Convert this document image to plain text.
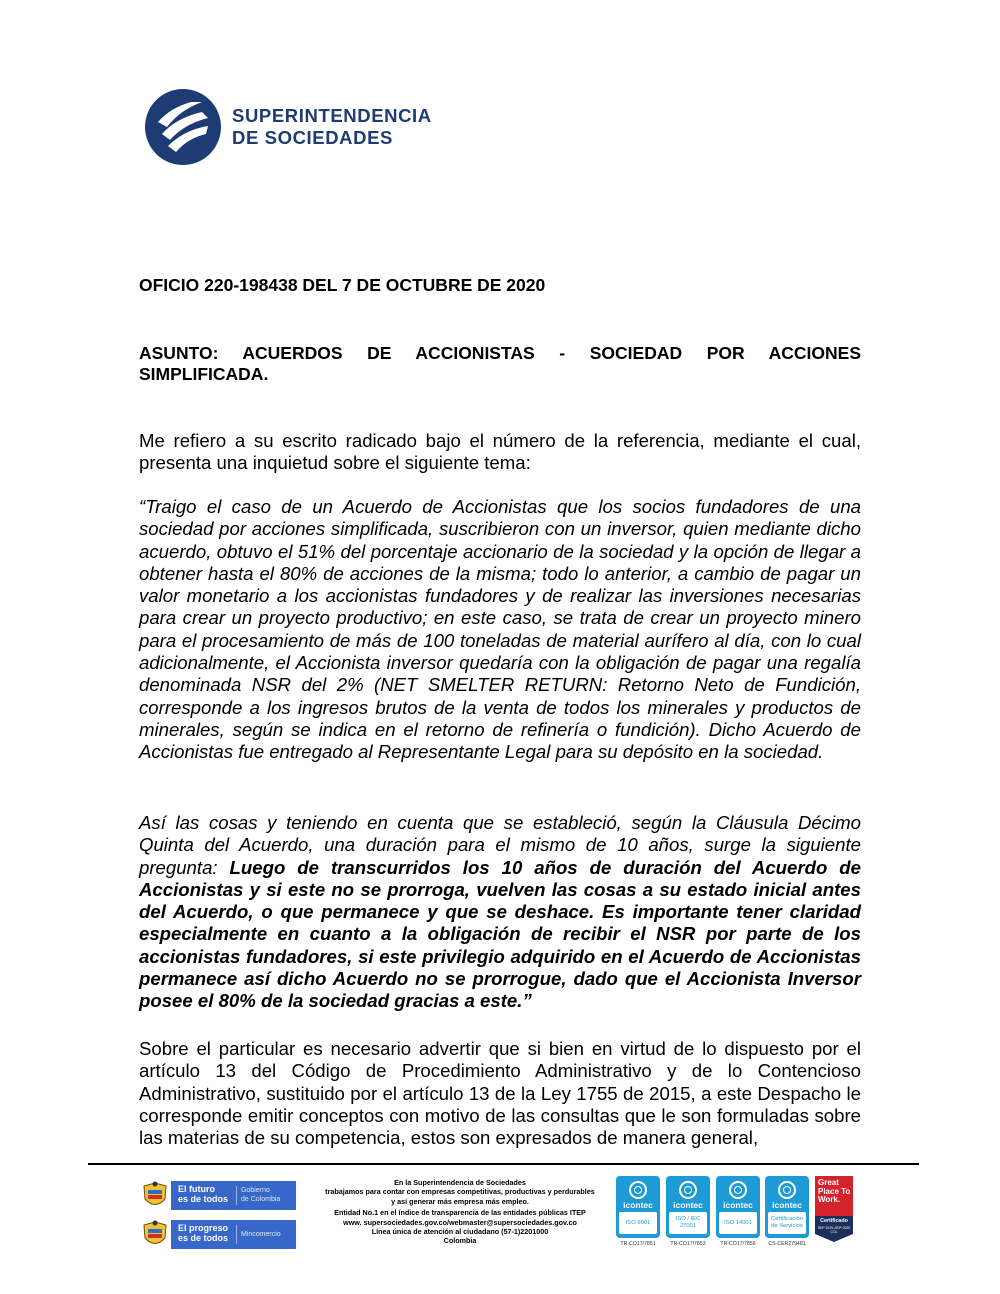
SUPERINTENDENCIA
DE SOCIEDADES
OFICIO 220-198438 DEL 7 DE OCTUBRE DE 2020
ASUNTO: ACUERDOS DE ACCIONISTAS - SOCIEDAD POR ACCIONES
SIMPLIFICADA.
Me refiero a su escrito radicado bajo el número de la referencia, mediante el cual, presenta una inquietud sobre el siguiente tema:
“Traigo el caso de un Acuerdo de Accionistas que los socios fundadores de una sociedad por acciones simplificada, suscribieron con un inversor, quien mediante dicho acuerdo, obtuvo el 51% del porcentaje accionario de la sociedad y la opción de llegar a obtener hasta el 80% de acciones de la misma; todo lo anterior, a cambio de pagar un valor monetario a los accionistas fundadores y de realizar las inversiones necesarias para crear un proyecto productivo; en este caso, se trata de crear un proyecto minero para el procesamiento de más de 100 toneladas de material aurífero al día, con lo cual adicionalmente, el Accionista inversor quedaría con la obligación de pagar una regalía denominada NSR del 2% (NET SMELTER RETURN: Retorno Neto de Fundición, corresponde a los ingresos brutos de la venta de todos los minerales y productos de minerales, según se indica en el retorno de refinería o fundición). Dicho Acuerdo de Accionistas fue entregado al Representante Legal para su depósito en la sociedad.
Así las cosas y teniendo en cuenta que se estableció, según la Cláusula Décimo Quinta del Acuerdo, una duración para el mismo de 10 años, surge la siguiente pregunta: Luego de transcurridos los 10 años de duración del Acuerdo de Accionistas y si este no se prorroga, vuelven las cosas a su estado inicial antes del Acuerdo, o que permanece y que se deshace. Es importante tener claridad especialmente en cuanto a la obligación de recibir el NSR por parte de los accionistas fundadores, si este privilegio adquirido en el Acuerdo de Accionistas permanece así dicho Acuerdo no se prorrogue, dado que el Accionista Inversor posee el 80% de la sociedad gracias a este.”
Sobre el particular es necesario advertir que si bien en virtud de lo dispuesto por el artículo 13 del Código de Procedimiento Administrativo y de lo Contencioso Administrativo, sustituido por el artículo 13 de la Ley 1755 de 2015, a este Despacho le corresponde emitir conceptos con motivo de las consultas que le son formuladas sobre las materias de su competencia, estos son expresados de manera general,
El futuro
es de todos
Gobierno
de Colombia
El progreso
es de todos	Mincomercio
En la Superintendencia de Sociedades
trabajamos para contar con empresas competitivas, productivas y perdurables
y así generar más empresa más empleo.
Entidad No.1 en el índice de transparencia de las entidades públicas ITEP
www. supersociedades.gov.co/webmaster@supersociedades.gov.co
Línea única de atención al ciudadano (57-1)2201000
Colombia
icontec
ISO 9001
TR-CO17/7851
icontec
ISO / IEC 27001
TR-CO17/7853
icontec
ISO 14001
TR-CO17/7856
icontec
Certificación de Servicios
CS-CER279481
Great Place To Work.
Certificado
SEP 2019–SEP 2020 COL
